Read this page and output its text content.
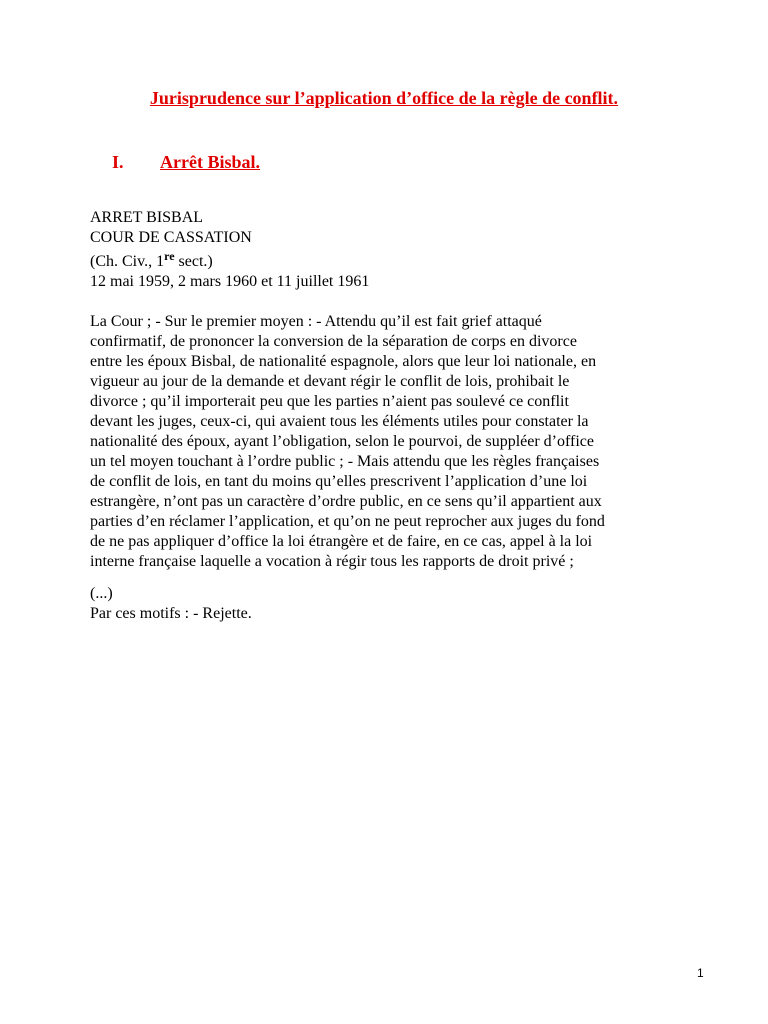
Jurisprudence sur l’application d’office de la règle de conflit.
I. Arrêt Bisbal.
ARRET BISBAL
COUR DE CASSATION
(Ch. Civ., 1re sect.)
12 mai 1959, 2 mars 1960 et 11 juillet 1961
La Cour ; - Sur le premier moyen : - Attendu qu’il est fait grief attaqué
confirmatif, de prononcer la conversion de la séparation de corps en divorce
entre les époux Bisbal, de nationalité espagnole, alors que leur loi nationale, en
vigueur au jour de la demande et devant régir le conflit de lois, prohibait le
divorce ; qu’il importerait peu que les parties n’aient pas soulevé ce conflit
devant les juges, ceux-ci, qui avaient tous les éléments utiles pour constater la
nationalité des époux, ayant l’obligation, selon le pourvoi, de suppléer d’office
un tel moyen touchant à l’ordre public ; - Mais attendu que les règles françaises
de conflit de lois, en tant du moins qu’elles prescrivent l’application d’une loi
estrangère, n’ont pas un caractère d’ordre public, en ce sens qu’il appartient aux
parties d’en réclamer l’application, et qu’on ne peut reprocher aux juges du fond
de ne pas appliquer d’office la loi étrangère et de faire, en ce cas, appel à la loi
interne française laquelle a vocation à régir tous les rapports de droit privé ;
(...)
Par ces motifs : - Rejette.
1
